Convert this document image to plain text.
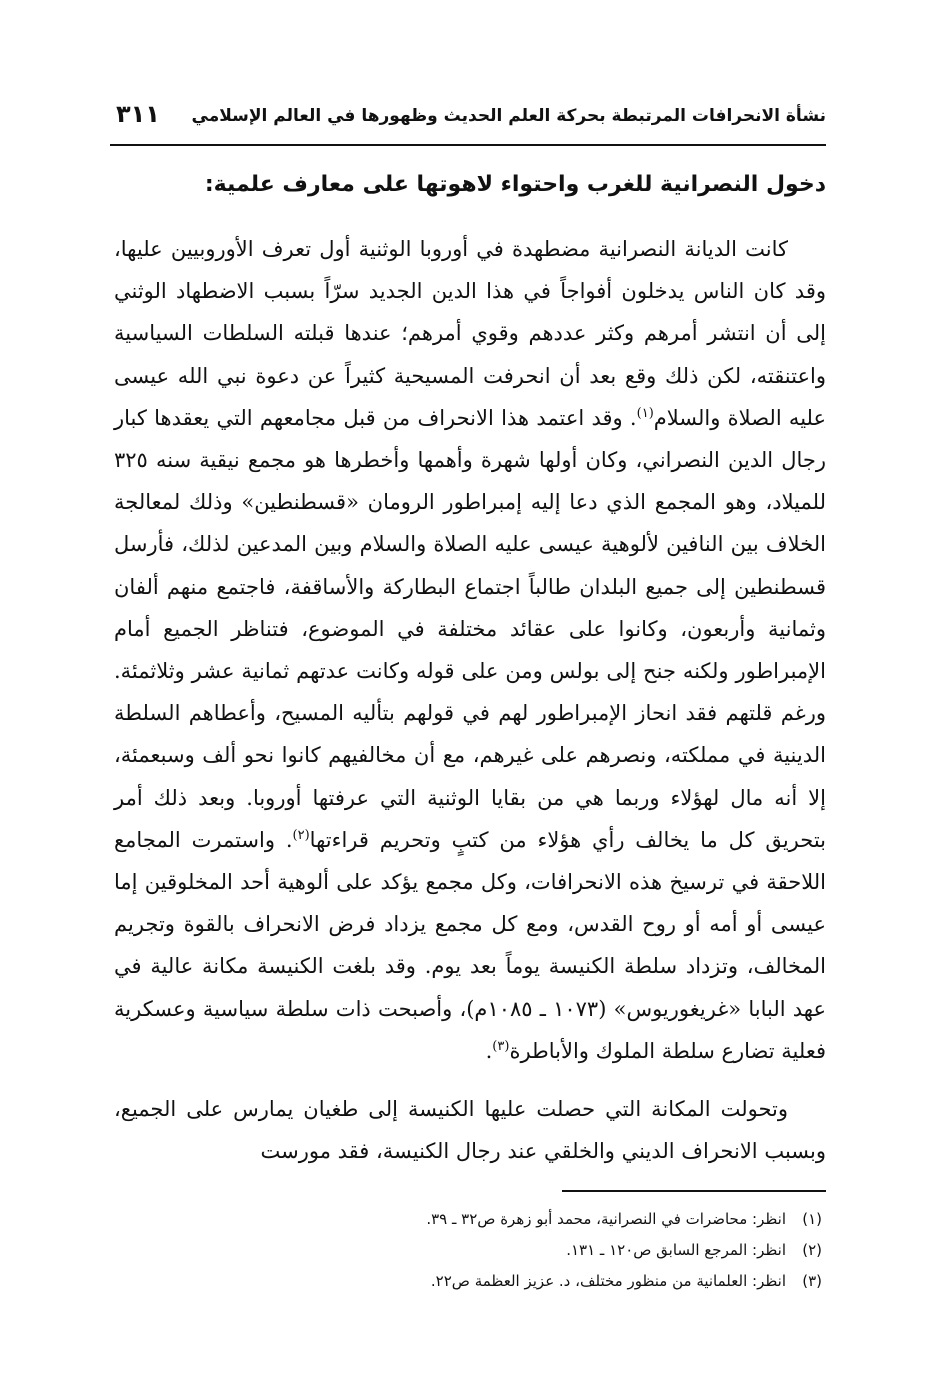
نشأة الانحرافات المرتبطة بحركة العلم الحديث وظهورها في العالم الإسلامي
٣١١
دخول النصرانية للغرب واحتواء لاهوتها على معارف علمية:

كانت الديانة النصرانية مضطهدة في أوروبا الوثنية أول تعرف الأوروبيين عليها، وقد كان الناس يدخلون أفواجاً في هذا الدين الجديد سرّاً بسبب الاضطهاد الوثني إلى أن انتشر أمرهم وكثر عددهم وقوي أمرهم؛ عندها قبلته السلطات السياسية واعتنقته، لكن ذلك وقع بعد أن انحرفت المسيحية كثيراً عن دعوة نبي الله عيسى عليه الصلاة والسلام$^{(١)}$. وقد اعتمد هذا الانحراف من قبل مجامعهم التي يعقدها كبار رجال الدين النصراني، وكان أولها شهرة وأهمها وأخطرها هو مجمع نيقية سنه ٣٢٥ للميلاد، وهو المجمع الذي دعا إليه إمبراطور الرومان «قسطنطين» وذلك لمعالجة الخلاف بين النافين لألوهية عيسى عليه الصلاة والسلام وبين المدعين لذلك، فأرسل قسطنطين إلى جميع البلدان طالباً اجتماع البطاركة والأساقفة، فاجتمع منهم ألفان وثمانية وأربعون، وكانوا على عقائد مختلفة في الموضوع، فتناظر الجميع أمام الإمبراطور ولكنه جنح إلى بولس ومن على قوله وكانت عدتهم ثمانية عشر وثلاثمئة. ورغم قلتهم فقد انحاز الإمبراطور لهم في قولهم بتأليه المسيح، وأعطاهم السلطة الدينية في مملكته، ونصرهم على غيرهم، مع أن مخالفيهم كانوا نحو ألف وسبعمئة، إلا أنه مال لهؤلاء وربما هي من بقايا الوثنية التي عرفتها أوروبا. وبعد ذلك أمر بتحريق كل ما يخالف رأي هؤلاء من كتبٍ وتحريم قراءتها$^{(٢)}$. واستمرت المجامع اللاحقة في ترسيخ هذه الانحرافات، وكل مجمع يؤكد على ألوهية أحد المخلوقين إما عيسى أو أمه أو روح القدس، ومع كل مجمع يزداد فرض الانحراف بالقوة وتجريم المخالف، وتزداد سلطة الكنيسة يوماً بعد يوم. وقد بلغت الكنيسة مكانة عالية في عهد البابا «غريغوريوس» (١٠٧٣ ـ ١٠٨٥م)، وأصبحت ذات سلطة سياسية وعسكرية فعلية تضارع سلطة الملوك والأباطرة$^{(٣)}$.

وتحولت المكانة التي حصلت عليها الكنيسة إلى طغيان يمارس على الجميع، وبسبب الانحراف الديني والخلقي عند رجال الكنيسة، فقد مورست

(١)انظر: محاضرات في النصرانية، محمد أبو زهرة ص٣٢ ـ ٣٩.
(٢)انظر: المرجع السابق ص١٢٠ ـ ١٣١.
(٣)انظر: العلمانية من منظور مختلف، د. عزيز العظمة ص٢٢.
